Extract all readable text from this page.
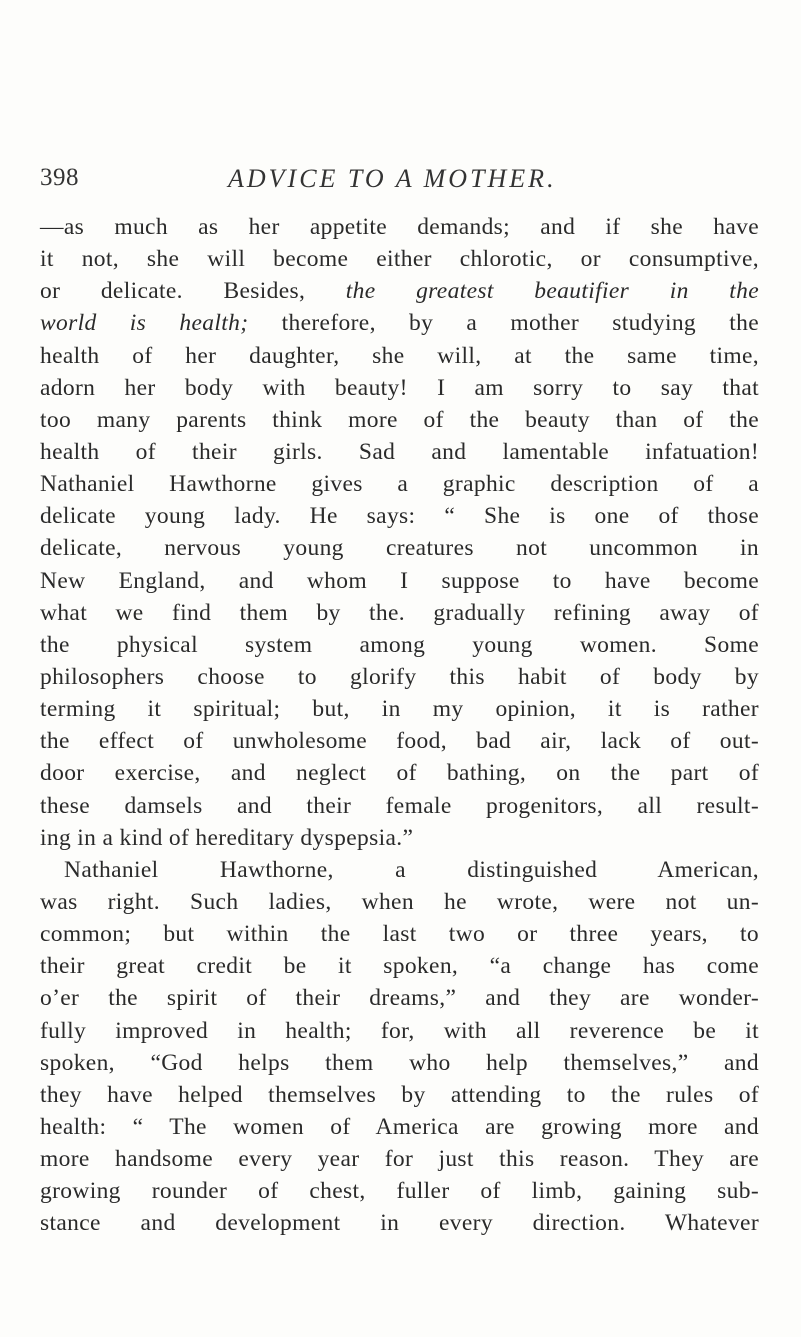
398	ADVICE TO A MOTHER.
—as much as her appetite demands; and if she have
it not, she will become either chlorotic, or consumptive,
or delicate. Besides, the greatest beautifier in the
world is health; therefore, by a mother studying the
health of her daughter, she will, at the same time,
adorn her body with beauty! I am sorry to say that
too many parents think more of the beauty than of the
health of their girls. Sad and lamentable infatuation!
Nathaniel Hawthorne gives a graphic description of a
delicate young lady. He says: “ She is one of those
delicate, nervous young creatures not uncommon in
New England, and whom I suppose to have become
what we find them by the. gradually refining away of
the physical system among young women. Some
philosophers choose to glorify this habit of body by
terming it spiritual; but, in my opinion, it is rather
the effect of unwholesome food, bad air, lack of out-
door exercise, and neglect of bathing, on the part of
these damsels and their female progenitors, all result-
ing in a kind of hereditary dyspepsia.”
Nathaniel Hawthorne, a distinguished American,
was right. Such ladies, when he wrote, were not un-
common; but within the last two or three years, to
their great credit be it spoken, “a change has come
o’er the spirit of their dreams,” and they are wonder-
fully improved in health; for, with all reverence be it
spoken, “God helps them who help themselves,” and
they have helped themselves by attending to the rules of
health: “ The women of America are growing more and
more handsome every year for just this reason. They are
growing rounder of chest, fuller of limb, gaining sub-
stance and development in every direction. Whatever
